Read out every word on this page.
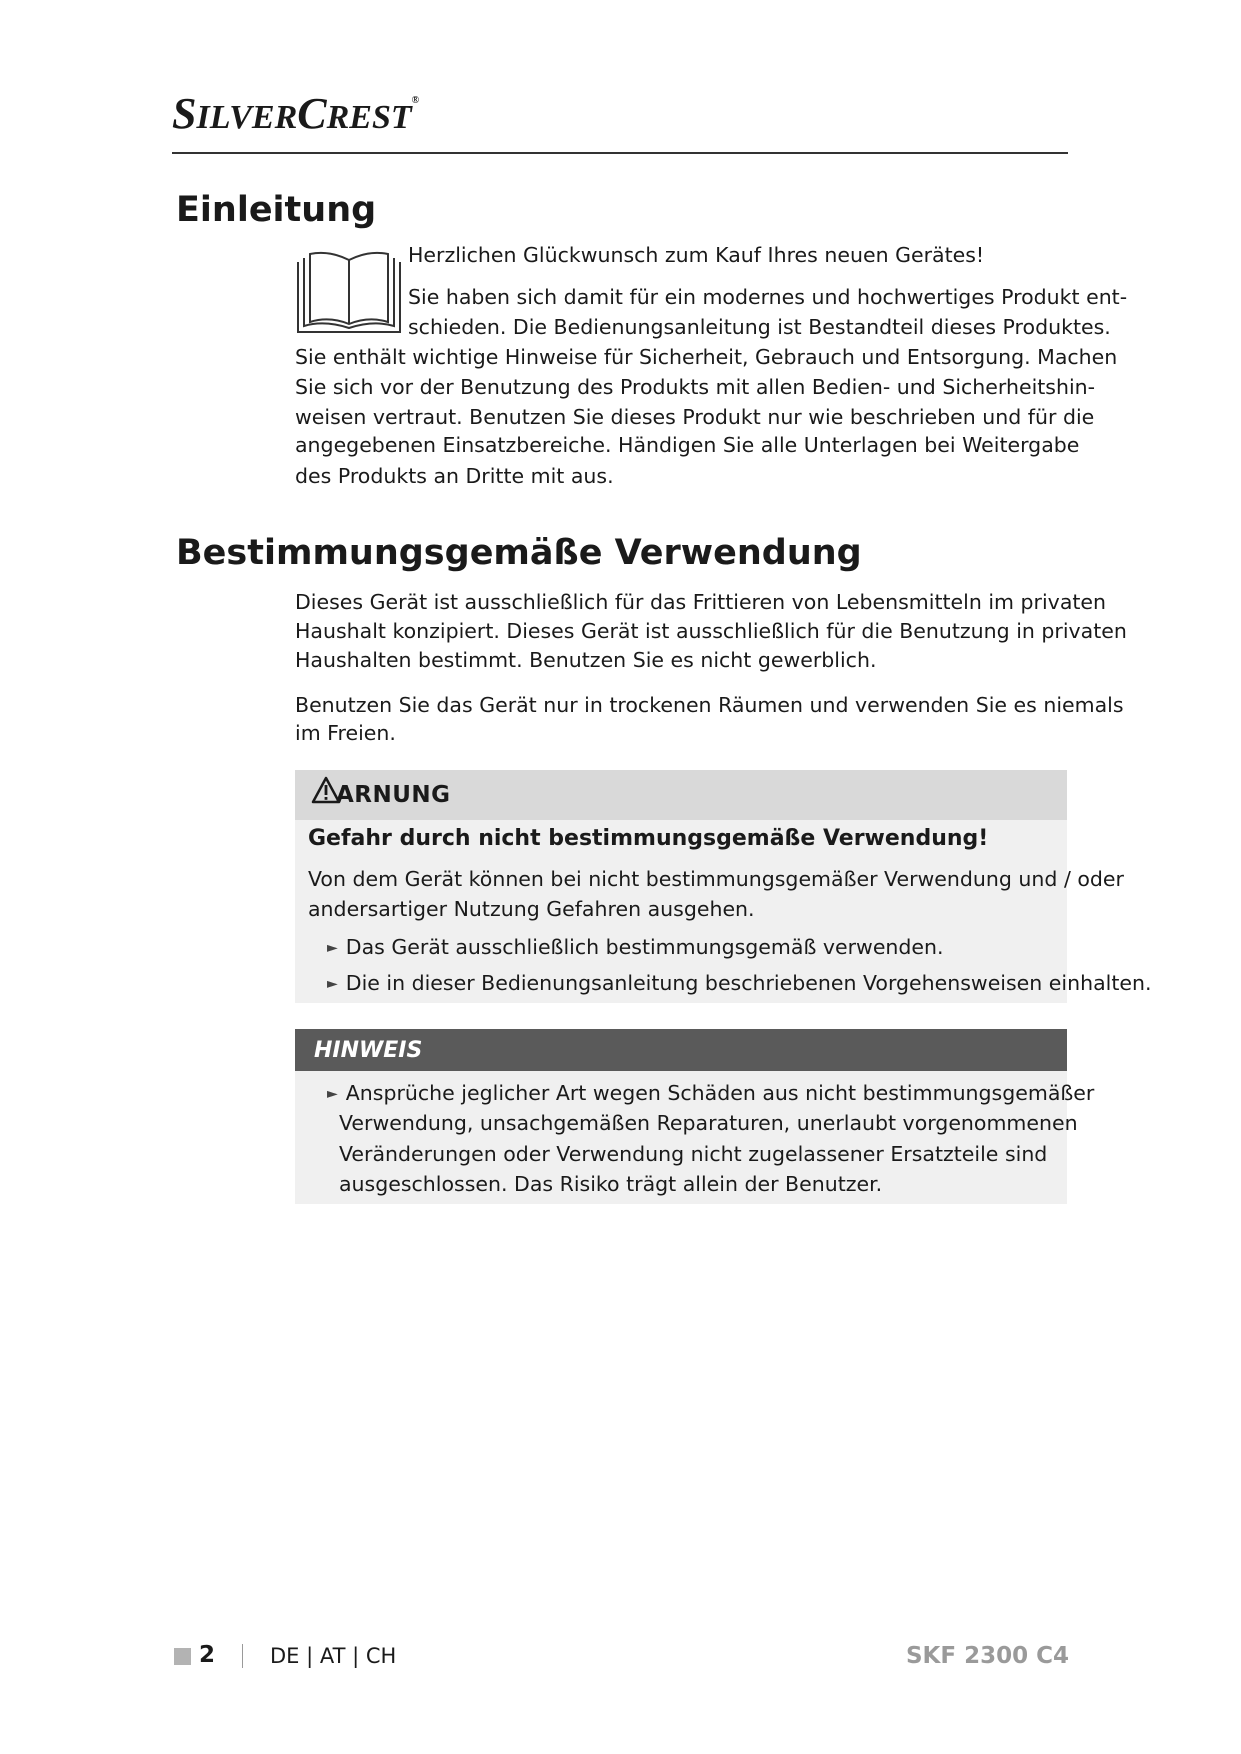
SILVERCREST®
Einleitung

Herzlichen Glückwunsch zum Kauf Ihres neuen Gerätes!

Sie haben sich damit für ein modernes und hochwertiges Produkt ent-

schieden. Die Bedienungsanleitung ist Bestandteil dieses Produktes.

Sie enthält wichtige Hinweise für Sicherheit, Gebrauch und Entsorgung. Machen

Sie sich vor der Benutzung des Produkts mit allen Bedien- und Sicherheitshin-

weisen vertraut. Benutzen Sie dieses Produkt nur wie beschrieben und für die

angegebenen Einsatzbereiche. Händigen Sie alle Unterlagen bei Weitergabe

des Produkts an Dritte mit aus.

Bestimmungsgemäße Verwendung

Dieses Gerät ist ausschließlich für das Frittieren von Lebensmitteln im privaten

Haushalt konzipiert. Dieses Gerät ist ausschließlich für die Benutzung in privaten

Haushalten bestimmt. Benutzen Sie es nicht gewerblich.

Benutzen Sie das Gerät nur in trockenen Räumen und verwenden Sie es niemals

im Freien.

ARNUNG

Gefahr durch nicht bestimmungsgemäße Verwendung!

Von dem Gerät können bei nicht bestimmungsgemäßer Verwendung und / oder

andersartiger Nutzung Gefahren ausgehen.

► Das Gerät ausschließlich bestimmungsgemäß verwenden.

► Die in dieser Bedienungsanleitung beschriebenen Vorgehensweisen einhalten.

HINWEIS

► Ansprüche jeglicher Art wegen Schäden aus nicht bestimmungsgemäßer

Verwendung, unsachgemäßen Reparaturen, unerlaubt vorgenommenen

Veränderungen oder Verwendung nicht zugelassener Ersatzteile sind

ausgeschlossen. Das Risiko trägt allein der Benutzer.

2	DE | AT | CH	SKF 2300 C4
